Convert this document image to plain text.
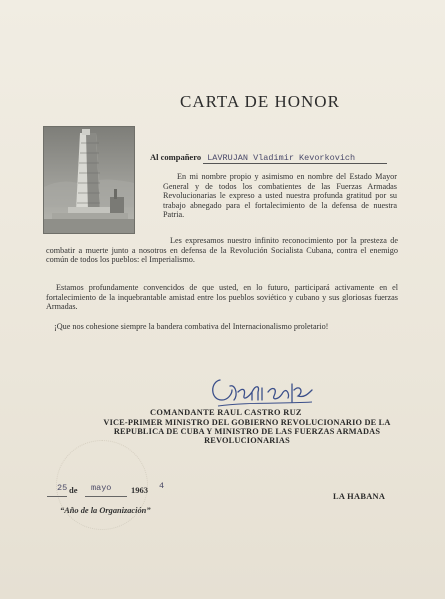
CARTA DE HONOR
Al compañero LAVRUJAN Vladimir Kevorkovich
En mi nombre propio y asimismo en nombre del Estado Mayor General y de todos los combatientes de las Fuerzas Armadas Revolucionarias le expreso a usted nuestra profunda gratitud por su trabajo abnegado para el fortalecimiento de la defensa de nuestra Patria.
Les expresamos nuestro infinito reconocimiento por la presteza de combatir a muerte junto a nosotros en defensa de la Revolución Socialista Cubana, contra el enemigo común de todos los pueblos: el Imperialismo.
Estamos profundamente convencidos de que usted, en lo futuro, participará activamente en el fortalecimiento de la inquebrantable amistad entre los pueblos soviético y cubano y sus gloriosas fuerzas Armadas.
¡Que nos cohesione siempre la bandera combativa del Internacionalismo proletario!
COMANDANTE RAUL CASTRO RUZ
VICE-PRIMER MINISTRO DEL GOBIERNO REVOLUCIONARIO DE LA REPUBLICA DE CUBA Y MINISTRO DE LAS FUERZAS ARMADAS REVOLUCIONARIAS
25 de mayo 1963 4
“Año de la Organización”
LA HABANA
